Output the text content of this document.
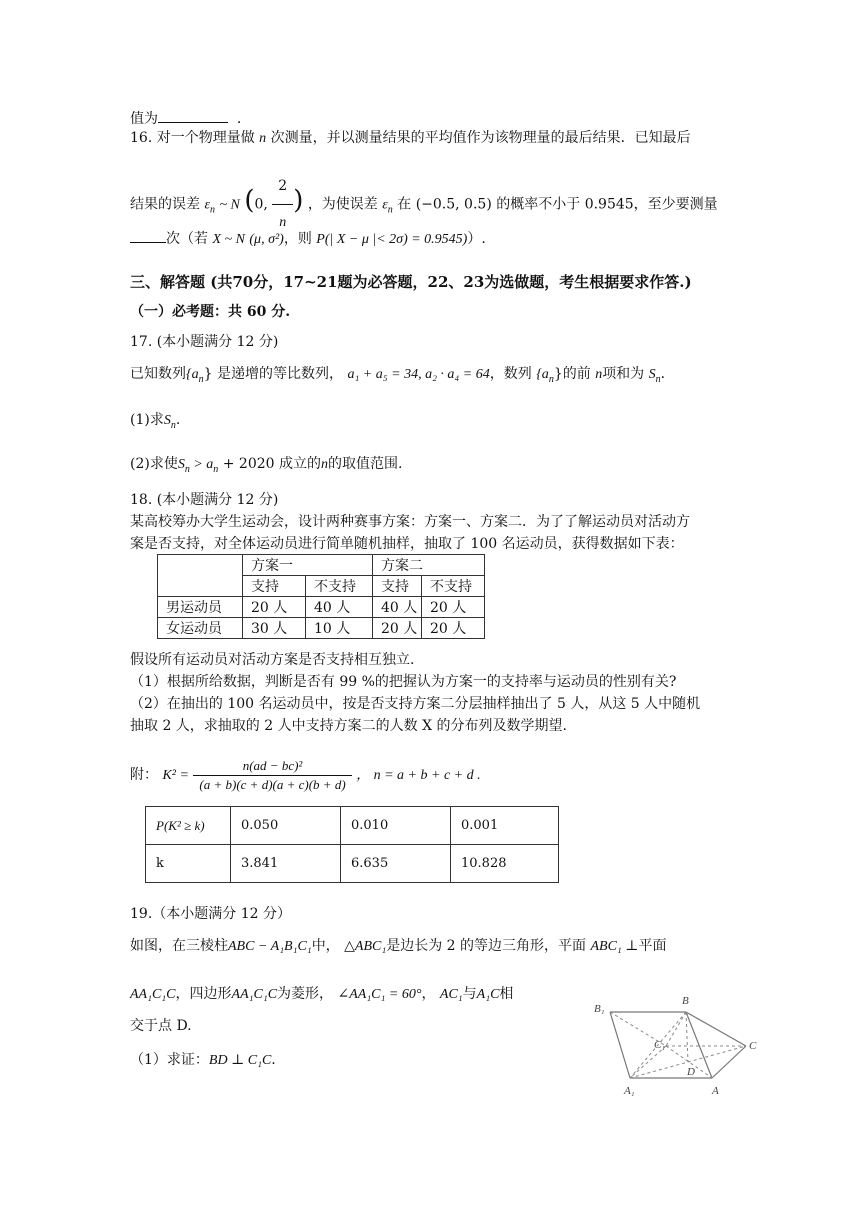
值为	.
16. 对一个物理量做 n 次测量，并以测量结果的平均值作为该物理量的最后结果．已知最后
结果的误差 $\varepsilon_n$ ~ N (0, $\frac{2}{n}$ ) ，为使误差 $\varepsilon_n$ 在 (−0.5, 0.5) 的概率不小于 0.9545，至少要测量
次（若 X ~ N (μ, σ²)，则 P(| X − μ |< 2σ) = 0.9545)）.
三、解答题 (共70分，17~21题为必答题，22、23为选做题，考生根据要求作答.)
（一）必考题：共 60 分.
17. (本小题满分 12 分)
已知数列$\{a_n\}$ 是递增的等比数列， a₁ + a₅ = 34, a₂ · a₄ = 64，数列 $\{a_n\}$的前 n项和为 $S_n$.
(1)求$S_n$.
(2)求使$S_n > a_n + 2020$ 成立的n的取值范围.
18. (本小题满分 12 分)
某高校筹办大学生运动会，设计两种赛事方案：方案一、方案二．为了了解运动员对活动方
案是否支持，对全体运动员进行简单随机抽样，抽取了 100 名运动员，获得数据如下表：
	方案一		方案二	
	支持	不支持	支持	不支持
男运动员	20 人	40 人	40 人	20 人
女运动员	30 人	10 人	20 人	20 人
假设所有运动员对活动方案是否支持相互独立.
（1）根据所给数据，判断是否有 99 %的把握认为方案一的支持率与运动员的性别有关?
（2）在抽出的 100 名运动员中，按是否支持方案二分层抽样抽出了 5 人，从这 5 人中随机
抽取 2 人，求抽取的 2 人中支持方案二的人数 X 的分布列及数学期望.
附： $K^2 = \frac{\text{n(ad − bc)²}}{(a + b)(c + d)(a + c)(b + d)}$ ， n = a + b + c + d .
P(K² ≥ k)	0.050	0.010	0.001
k	3.841	6.635	10.828
19.（本小题满分 12 分）
如图，在三棱柱ABC − A₁B₁C₁中， △ABC₁是边长为 2 的等边三角形，平面 ABC₁ ⊥平面
AA₁C₁C，四边形AA₁C₁C为菱形， ∠AA₁C₁ = 60°， AC₁与A₁C相
交于点 D.
（1）求证：BD ⊥ C₁C.
B₁
B
C₁	C
D
A₁	A
